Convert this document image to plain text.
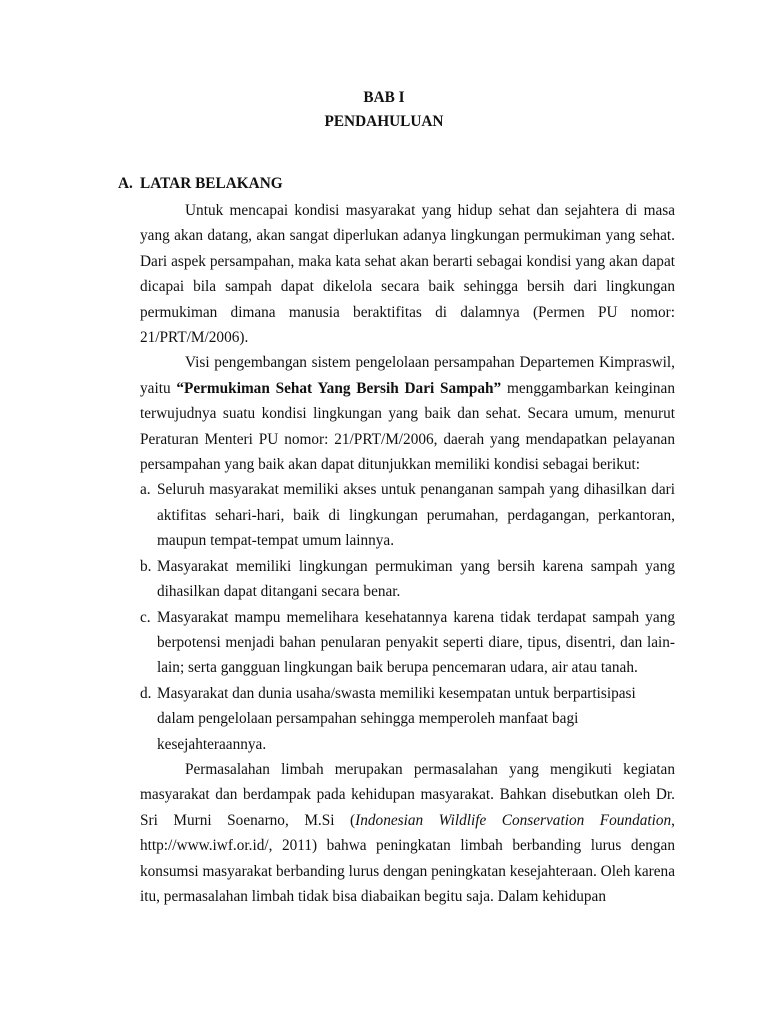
BAB I
PENDAHULUAN
A. LATAR BELAKANG

Untuk mencapai kondisi masyarakat yang hidup sehat dan sejahtera di masa yang akan datang, akan sangat diperlukan adanya lingkungan permukiman yang sehat. Dari aspek persampahan, maka kata sehat akan berarti sebagai kondisi yang akan dapat dicapai bila sampah dapat dikelola secara baik sehingga bersih dari lingkungan permukiman dimana manusia beraktifitas di dalamnya (Permen PU nomor: 21/PRT/M/2006).

Visi pengembangan sistem pengelolaan persampahan Departemen Kimpraswil, yaitu “Permukiman Sehat Yang Bersih Dari Sampah” menggambarkan keinginan terwujudnya suatu kondisi lingkungan yang baik dan sehat. Secara umum, menurut Peraturan Menteri PU nomor: 21/PRT/M/2006, daerah yang mendapatkan pelayanan persampahan yang baik akan dapat ditunjukkan memiliki kondisi sebagai berikut:

a. Seluruh masyarakat memiliki akses untuk penanganan sampah yang dihasilkan dari aktifitas sehari-hari, baik di lingkungan perumahan, perdagangan, perkantoran, maupun tempat-tempat umum lainnya.
b. Masyarakat memiliki lingkungan permukiman yang bersih karena sampah yang dihasilkan dapat ditangani secara benar.
c. Masyarakat mampu memelihara kesehatannya karena tidak terdapat sampah yang berpotensi menjadi bahan penularan penyakit seperti diare, tipus, disentri, dan lain-lain; serta gangguan lingkungan baik berupa pencemaran udara, air atau tanah.
d. Masyarakat dan dunia usaha/swasta memiliki kesempatan untuk berpartisipasi dalam pengelolaan persampahan sehingga memperoleh manfaat bagi kesejahteraannya.

Permasalahan limbah merupakan permasalahan yang mengikuti kegiatan masyarakat dan berdampak pada kehidupan masyarakat. Bahkan disebutkan oleh Dr. Sri Murni Soenarno, M.Si (Indonesian Wildlife Conservation Foundation, http://www.iwf.or.id/, 2011) bahwa peningkatan limbah berbanding lurus dengan konsumsi masyarakat berbanding lurus dengan peningkatan kesejahteraan. Oleh karena itu, permasalahan limbah tidak bisa diabaikan begitu saja. Dalam kehidupan
